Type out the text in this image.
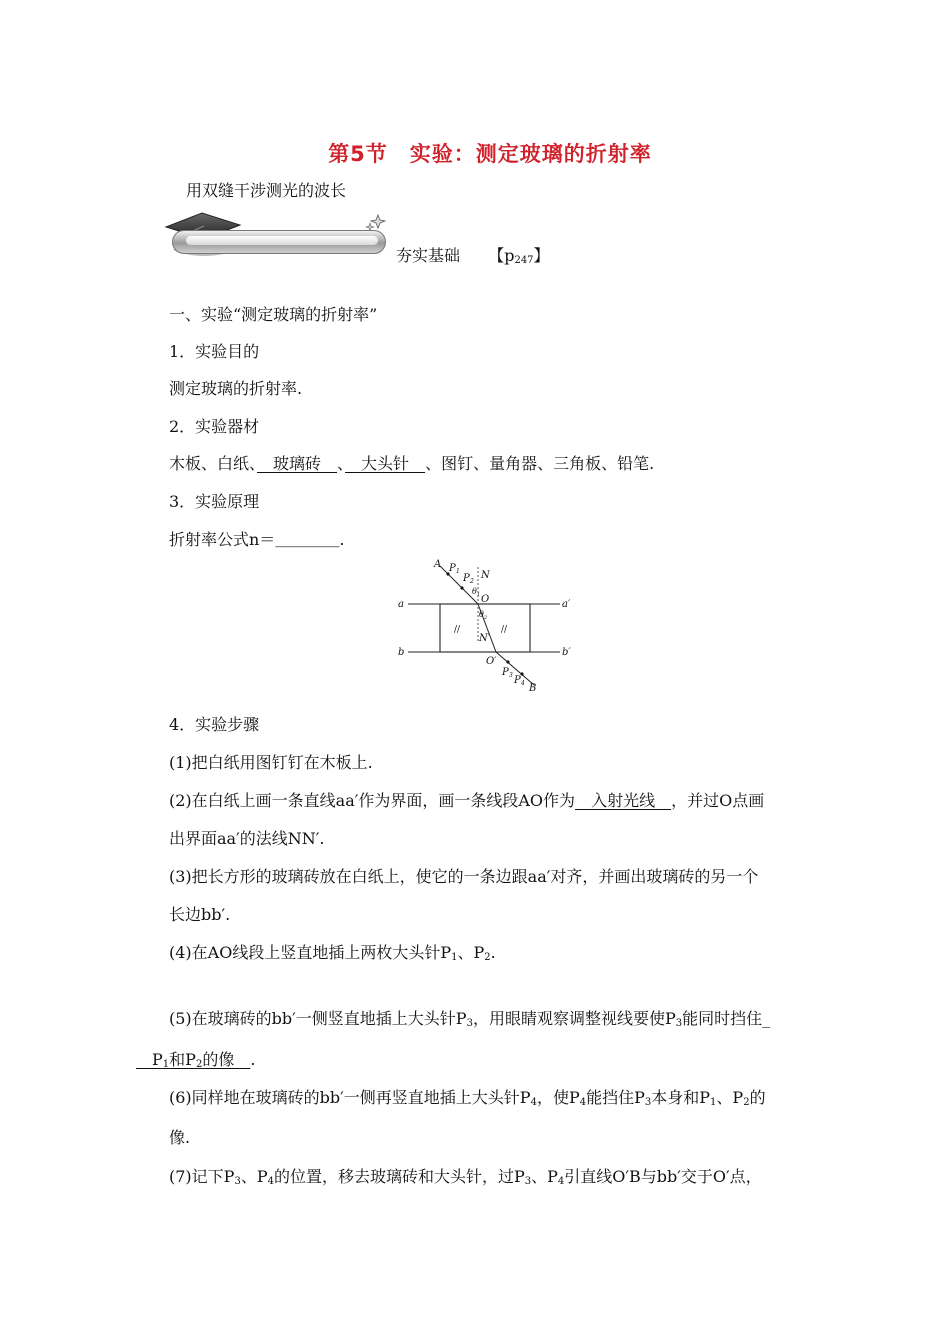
第5节　实验：测定玻璃的折射率
用双缝干涉测光的波长
夯实基础 【$p_{247}$】
一、实验“测定玻璃的折射率”
1．实验目的
测定玻璃的折射率.
2．实验器材
木板、白纸、　玻璃砖　、　大头针　、图钉、量角器、三角板、铅笔.
3．实验原理
折射率公式n＝＿＿＿＿.
//	//
A P 1
P 2
N
θ 1 O
θ 2
N′
O′
P 3 P 4 B
a	a′
b	b′
4．实验步骤
(1)把白纸用图钉钉在木板上.
(2)在白纸上画一条直线aa′作为界面，画一条线段AO作为　入射光线　，并过O点画
出界面aa′的法线NN′.
(3)把长方形的玻璃砖放在白纸上，使它的一条边跟aa′对齐，并画出玻璃砖的另一个
长边bb′.
(4)在AO线段上竖直地插上两枚大头针$P_1$、$P_2$.
(5)在玻璃砖的bb′一侧竖直地插上大头针$P_3$，用眼睛观察调整视线要使$P_3$能同时挡住_
　$P_1$和$P_2$的像　.
(6)同样地在玻璃砖的bb′一侧再竖直地插上大头针$P_4$，使$P_4$能挡住$P_3$本身和$P_1$、$P_2$的
像.
(7)记下$P_3$、$P_4$的位置，移去玻璃砖和大头针，过$P_3$、$P_4$引直线O′B与bb′交于O′点，
